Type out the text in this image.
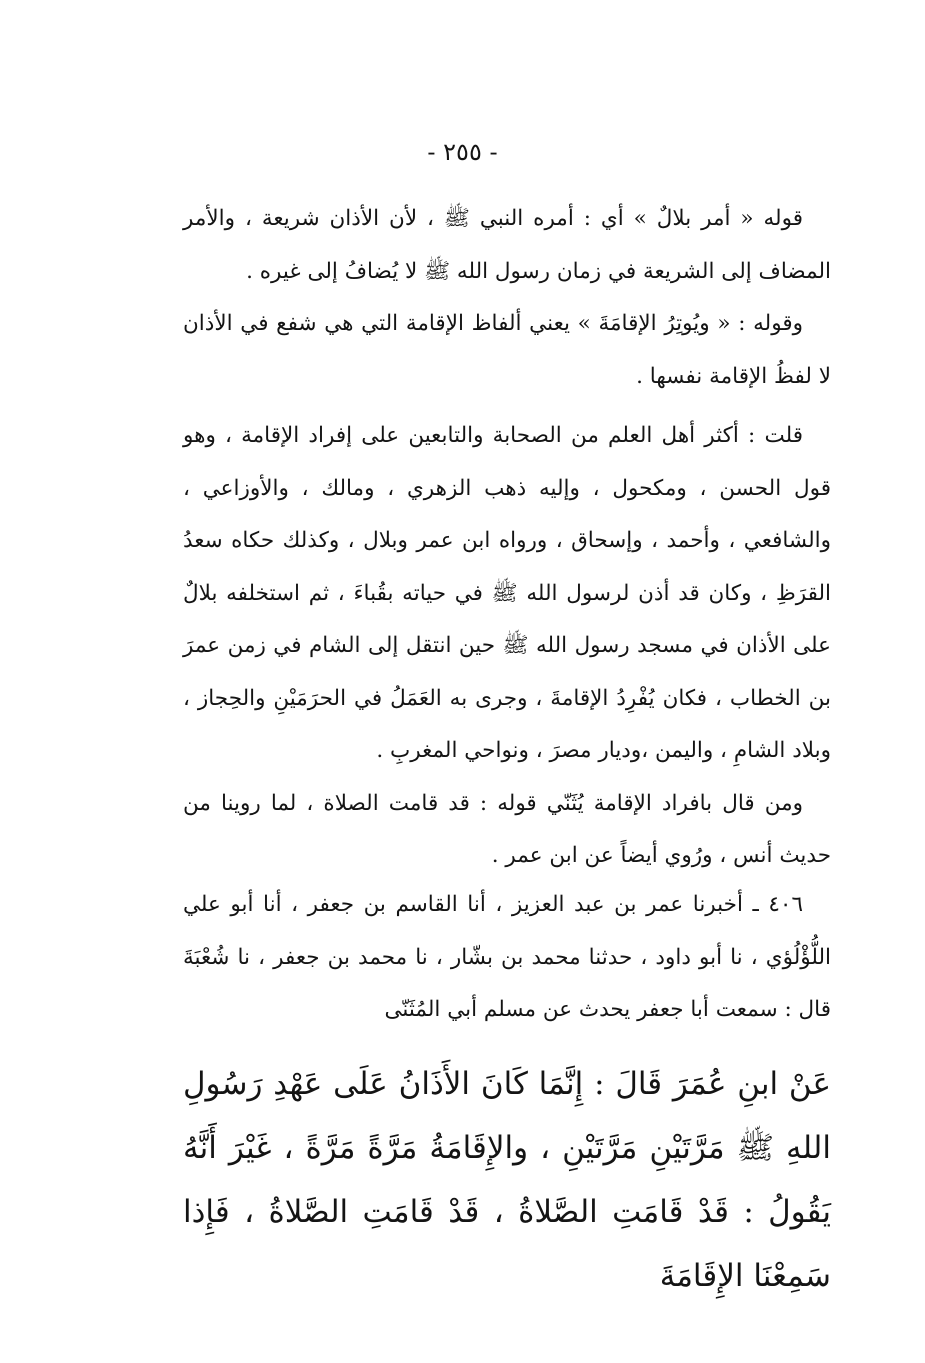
- ٢٥٥ -

قوله « أمر بلالٌ » أي : أمره النبي ﷺ ، لأن الأذان شريعة ، والأمر المضاف إلى الشريعة في زمان رسول الله ﷺ لا يُضافُ إلى غيره .

وقوله : « ويُوتِرُ الإقامَةَ » يعني ألفاظ الإقامة التي هي شفع في الأذان لا لفظُ الإقامة نفسها .

قلت : أكثر أهل العلم من الصحابة والتابعين على إفراد الإقامة ، وهو قول الحسن ، ومكحول ، وإليه ذهب الزهري ، ومالك ، والأوزاعي ، والشافعي ، وأحمد ، وإسحاق ، ورواه ابن عمر وبلال ، وكذلك حكاه سعدُ القرَظِ ، وكان قد أذن لرسول الله ﷺ في حياته بقُباءَ ، ثم استخلفه بلالٌ على الأذان في مسجد رسول الله ﷺ حين انتقل إلى الشام في زمن عمرَ بن الخطاب ، فكان يُفْرِدُ الإقامةَ ، وجرى به العَمَلُ في الحرَمَيْنِ والحِجاز ، وبلاد الشامِ ، واليمن ،وديار مصرَ ، ونواحي المغربِ .

ومن قال بافراد الإقامة يُثَنّي قوله : قد قامت الصلاة ، لما روينا من حديث أنس ، ورُوي أيضاً عن ابن عمر .

٤٠٦ ـ أخبرنا عمر بن عبد العزيز ، أنا القاسم بن جعفر ، أنا أبو علي اللُّؤْلُؤي ، نا أبو داود ، حدثنا محمد بن بشّار ، نا محمد بن جعفر ، نا شُعْبَةَ قال : سمعت أبا جعفر يحدث عن مسلم أبي المُثَنّى

عَنْ ابنِ عُمَرَ قَالَ : إِنَّمَا كَانَ الأَذَانُ عَلَى عَهْدِ رَسُولِ اللهِ ﷺ مَرَّتَيْنِ مَرَّتَيْنِ ، والإِقَامَةُ مَرَّةً مَرَّةً ، غَيْرَ أَنَّهُ يَقُولُ : قَدْ قَامَتِ الصَّلاةُ ، قَدْ قَامَتِ الصَّلاةُ ، فَإِذا سَمِعْنَا الإِقَامَةَ
